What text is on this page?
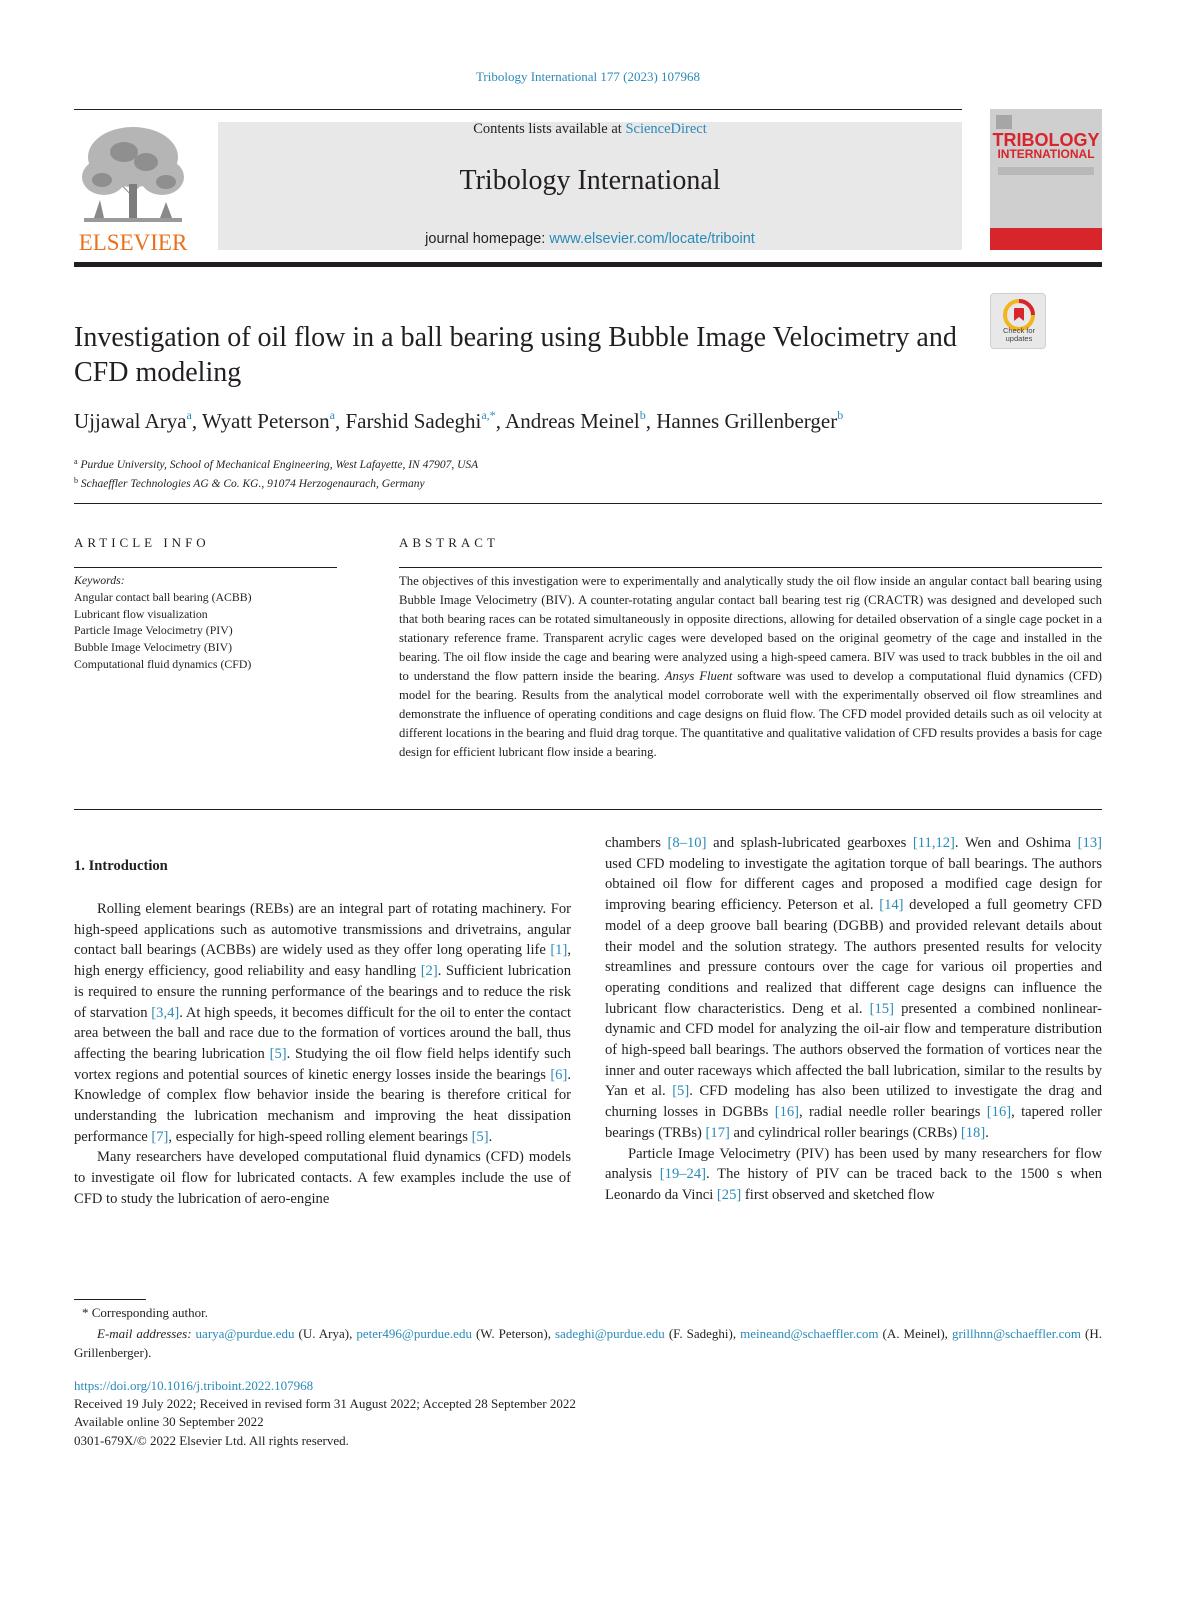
Tribology International 177 (2023) 107968
ELSEVIER
Contents lists available at ScienceDirect
Tribology International
journal homepage: www.elsevier.com/locate/triboint
TRIBOLOGY
INTERNATIONAL
Investigation of oil flow in a ball bearing using Bubble Image Velocimetry and CFD modeling
Check for updates
Ujjawal Arya$^a$, Wyatt Peterson$^a$, Farshid Sadeghi$^{a,*}$, Andreas Meinel$^b$, Hannes Grillenberger$^b$
$^a$ Purdue University, School of Mechanical Engineering, West Lafayette, IN 47907, USA
$^b$ Schaeffler Technologies AG & Co. KG., 91074 Herzogenaurach, Germany
ARTICLE INFO	ABSTRACT
Keywords:
Angular contact ball bearing (ACBB)
Lubricant flow visualization
Particle Image Velocimetry (PIV)
Bubble Image Velocimetry (BIV)
Computational fluid dynamics (CFD)
The objectives of this investigation were to experimentally and analytically study the oil flow inside an angular contact ball bearing using Bubble Image Velocimetry (BIV). A counter-rotating angular contact ball bearing test rig (CRACTR) was designed and developed such that both bearing races can be rotated simultaneously in opposite directions, allowing for detailed observation of a single cage pocket in a stationary reference frame. Transparent acrylic cages were developed based on the original geometry of the cage and installed in the bearing. The oil flow inside the cage and bearing were analyzed using a high-speed camera. BIV was used to track bubbles in the oil and to understand the flow pattern inside the bearing. Ansys Fluent software was used to develop a computational fluid dynamics (CFD) model for the bearing. Results from the analytical model corroborate well with the experimentally observed oil flow streamlines and demonstrate the influence of operating conditions and cage designs on fluid flow. The CFD model provided details such as oil velocity at different locations in the bearing and fluid drag torque. The quantitative and qualitative validation of CFD results provides a basis for cage design for efficient lubricant flow inside a bearing.
1. Introduction

Rolling element bearings (REBs) are an integral part of rotating machinery. For high-speed applications such as automotive transmissions and drivetrains, angular contact ball bearings (ACBBs) are widely used as they offer long operating life [1], high energy efficiency, good reliability and easy handling [2]. Sufficient lubrication is required to ensure the running performance of the bearings and to reduce the risk of starvation [3,4]. At high speeds, it becomes difficult for the oil to enter the contact area between the ball and race due to the formation of vortices around the ball, thus affecting the bearing lubrication [5]. Studying the oil flow field helps identify such vortex regions and potential sources of kinetic energy losses inside the bearings [6]. Knowledge of complex flow behavior inside the bearing is therefore critical for understanding the lubrication mechanism and improving the heat dissipation performance [7], especially for high-speed rolling element bearings [5].

Many researchers have developed computational fluid dynamics (CFD) models to investigate oil flow for lubricated contacts. A few examples include the use of CFD to study the lubrication of aero-engine

chambers [8–10] and splash-lubricated gearboxes [11,12]. Wen and Oshima [13] used CFD modeling to investigate the agitation torque of ball bearings. The authors obtained oil flow for different cages and proposed a modified cage design for improving bearing efficiency. Peterson et al. [14] developed a full geometry CFD model of a deep groove ball bearing (DGBB) and provided relevant details about their model and the solution strategy. The authors presented results for velocity streamlines and pressure contours over the cage for various oil properties and operating conditions and realized that different cage designs can influence the lubricant flow characteristics. Deng et al. [15] presented a combined nonlinear-dynamic and CFD model for analyzing the oil-air flow and temperature distribution of high-speed ball bearings. The authors observed the formation of vortices near the inner and outer raceways which affected the ball lubrication, similar to the results by Yan et al. [5]. CFD modeling has also been utilized to investigate the drag and churning losses in DGBBs [16], radial needle roller bearings [16], tapered roller bearings (TRBs) [17] and cylindrical roller bearings (CRBs) [18].

Particle Image Velocimetry (PIV) has been used by many researchers for flow analysis [19–24]. The history of PIV can be traced back to the 1500 s when Leonardo da Vinci [25] first observed and sketched flow

* Corresponding author.
E-mail addresses: uarya@purdue.edu (U. Arya), peter496@purdue.edu (W. Peterson), sadeghi@purdue.edu (F. Sadeghi), meineand@schaeffler.com (A. Meinel), grillhnn@schaeffler.com (H. Grillenberger).
https://doi.org/10.1016/j.triboint.2022.107968
Received 19 July 2022; Received in revised form 31 August 2022; Accepted 28 September 2022
Available online 30 September 2022
0301-679X/© 2022 Elsevier Ltd. All rights reserved.
